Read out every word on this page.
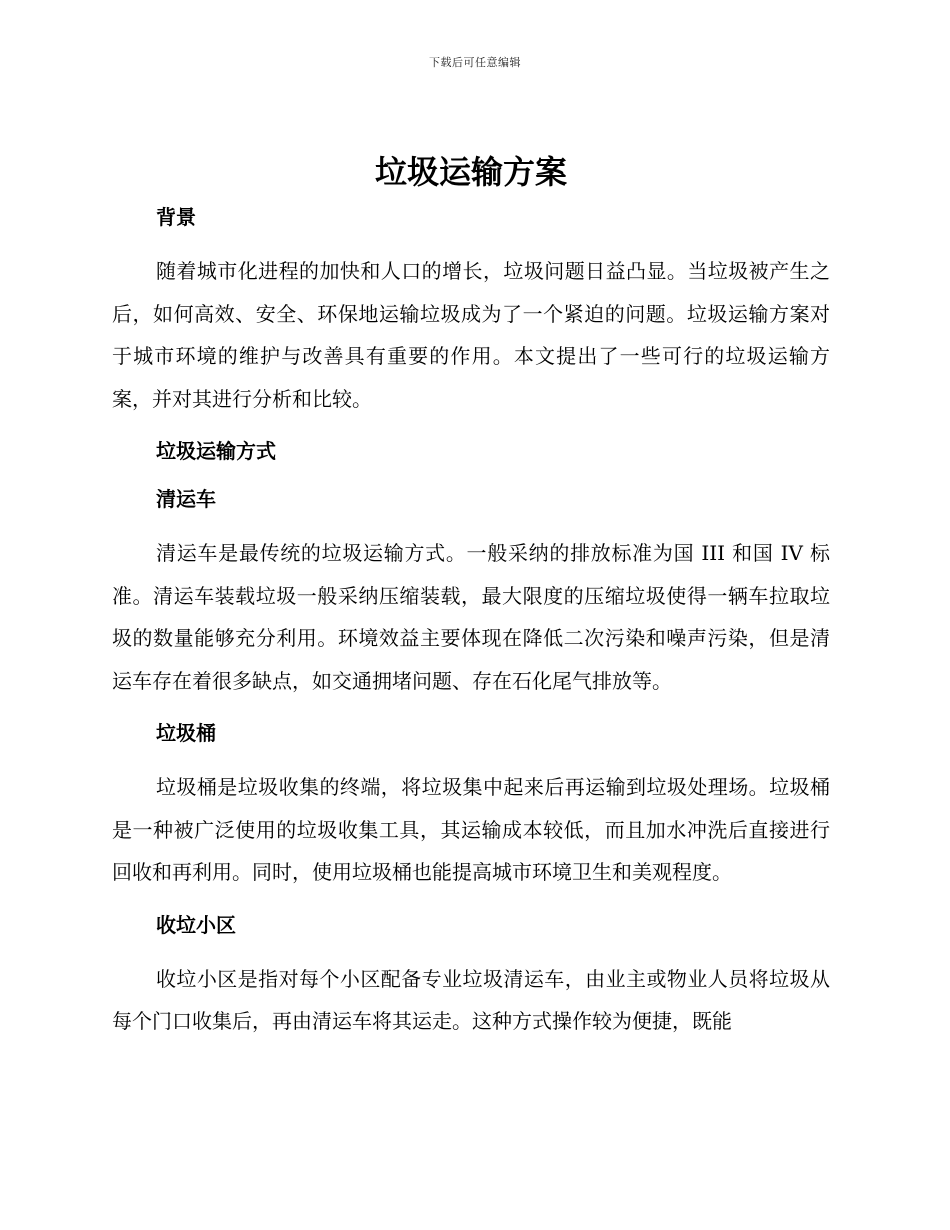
下载后可任意编辑
垃圾运输方案
背景

随着城市化进程的加快和人口的增长，垃圾问题日益凸显。当垃圾被产生之后，如何高效、安全、环保地运输垃圾成为了一个紧迫的问题。垃圾运输方案对于城市环境的维护与改善具有重要的作用。本文提出了一些可行的垃圾运输方案，并对其进行分析和比较。

垃圾运输方式
清运车

清运车是最传统的垃圾运输方式。一般采纳的排放标准为国 III 和国 IV 标准。清运车装载垃圾一般采纳压缩装载，最大限度的压缩垃圾使得一辆车拉取垃圾的数量能够充分利用。环境效益主要体现在降低二次污染和噪声污染，但是清运车存在着很多缺点，如交通拥堵问题、存在石化尾气排放等。

垃圾桶

垃圾桶是垃圾收集的终端，将垃圾集中起来后再运输到垃圾处理场。垃圾桶是一种被广泛使用的垃圾收集工具，其运输成本较低，而且加水冲洗后直接进行回收和再利用。同时，使用垃圾桶也能提高城市环境卫生和美观程度。

收垃小区

收垃小区是指对每个小区配备专业垃圾清运车，由业主或物业人员将垃圾从每个门口收集后，再由清运车将其运走。这种方式操作较为便捷，既能
